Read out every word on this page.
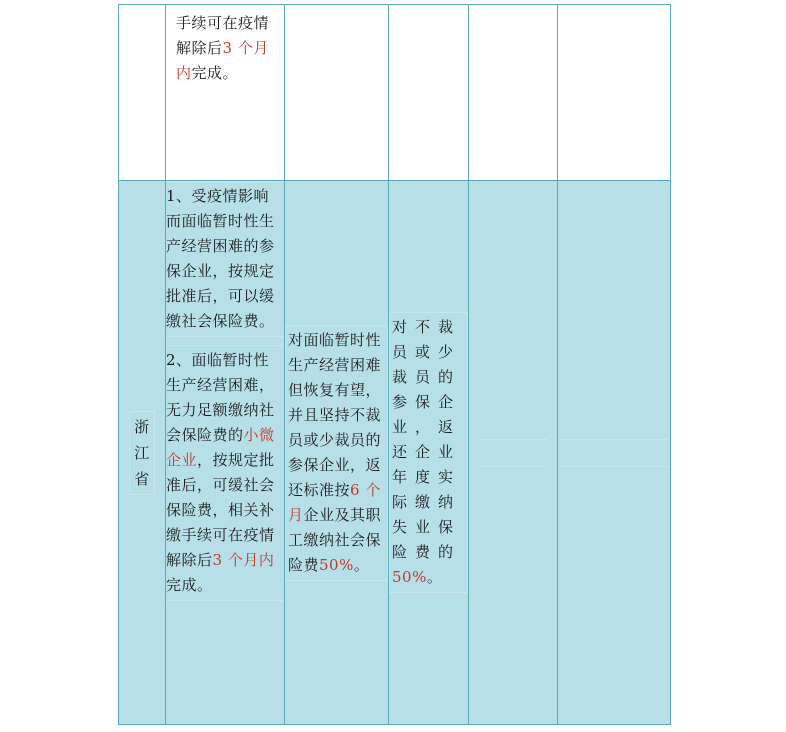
	手续可在疫情解除后3 个月内完成。				

浙江省	1、受疫情影响而面临暂时性生产经营困难的参保企业，按规定批准后，可以缓缴社会保险费。
2、面临暂时性生产经营困难，无力足额缴纳社会保险费的小微企业，按规定批准后，可缓社会保险费，相关补缴手续可在疫情解除后3 个月内完成。	对面临暂时性生产经营困难但恢复有望，并且坚持不裁员或少裁员的参保企业，返还标准按6 个月企业及其职工缴纳社会保险费50%。	对不裁员或少裁员的参保企业，返还企业年度实际缴纳失业保险费的50%。		
